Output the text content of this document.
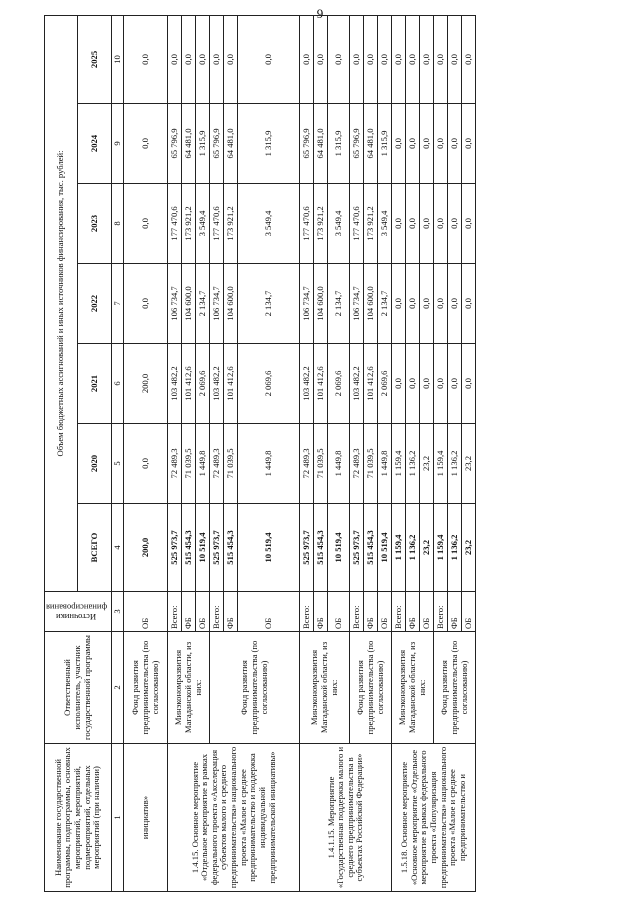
9
Наименование государственной программы, подпрограммы, основных мероприятий, мероприятий, подмероприятий, отдельных мероприятий (при наличии)	Ответственный исполнитель, участник государственной программы	Источники финансирования	Объем бюджетных ассигнований и иных источников финансирования, тыс. рублей:						
			ВСЕГО	2020	2021	2022	2023	2024	2025
1	2	3	4	5	6	7	8	9	10
инициатив»	Фонд развития предпринимательства (по согласованию)	ОБ	200,0	0,0	200,0	0,0	0,0	0,0	0,0
1.4.15. Основное мероприятие «Отдельное мероприятие в рамках федерального проекта «Акселерация субъектов малого и среднего предпринимательства» национального проекта «Малое и среднее предпринимательство и поддержка индивидуальной предпринимательской инициативы»	Минэкономразвития Магаданской области, из них:	Всего:	525 973,7	72 489,3	103 482,2	106 734,7	177 470,6	65 796,9	0,0
		ФБ	515 454,3	71 039,5	101 412,6	104 600,0	173 921,2	64 481,0	0,0
		ОБ	10 519,4	1 449,8	2 069,6	2 134,7	3 549,4	1 315,9	0,0
	Фонд развития предпринимательства (по согласованию)	Всего:	525 973,7	72 489,3	103 482,2	106 734,7	177 470,6	65 796,9	0,0
		ФБ	515 454,3	71 039,5	101 412,6	104 600,0	173 921,2	64 481,0	0,0
		ОБ	10 519,4	1 449,8	2 069,6	2 134,7	3 549,4	1 315,9	0,0
1.4.1.15. Мероприятие «Государственная поддержка малого и среднего предпринимательства в субъектах Российской Федерации»	Минэкономразвития Магаданской области, из них:	Всего:	525 973,7	72 489,3	103 482,2	106 734,7	177 470,6	65 796,9	0,0
		ФБ	515 454,3	71 039,5	101 412,6	104 600,0	173 921,2	64 481,0	0,0
		ОБ	10 519,4	1 449,8	2 069,6	2 134,7	3 549,4	1 315,9	0,0
	Фонд развития предпринимательства (по согласованию)	Всего:	525 973,7	72 489,3	103 482,2	106 734,7	177 470,6	65 796,9	0,0
		ФБ	515 454,3	71 039,5	101 412,6	104 600,0	173 921,2	64 481,0	0,0
		ОБ	10 519,4	1 449,8	2 069,6	2 134,7	3 549,4	1 315,9	0,0
1.5.18. Основное мероприятие «Основное мероприятие «Отдельное мероприятие в рамках федерального проекта «Популяризация предпринимательства» национального проекта «Малое и среднее предпринимательство и	Минэкономразвития Магаданской области, из них:	Всего:	1 159,4	1 159,4	0,0	0,0	0,0	0,0	0,0
		ФБ	1 136,2	1 136,2	0,0	0,0	0,0	0,0	0,0
		ОБ	23,2	23,2	0,0	0,0	0,0	0,0	0,0
	Фонд развития предпринимательства (по согласованию)	Всего:	1 159,4	1 159,4	0,0	0,0	0,0	0,0	0,0
		ФБ	1 136,2	1 136,2	0,0	0,0	0,0	0,0	0,0
		ОБ	23,2	23,2	0,0	0,0	0,0	0,0	0,0
